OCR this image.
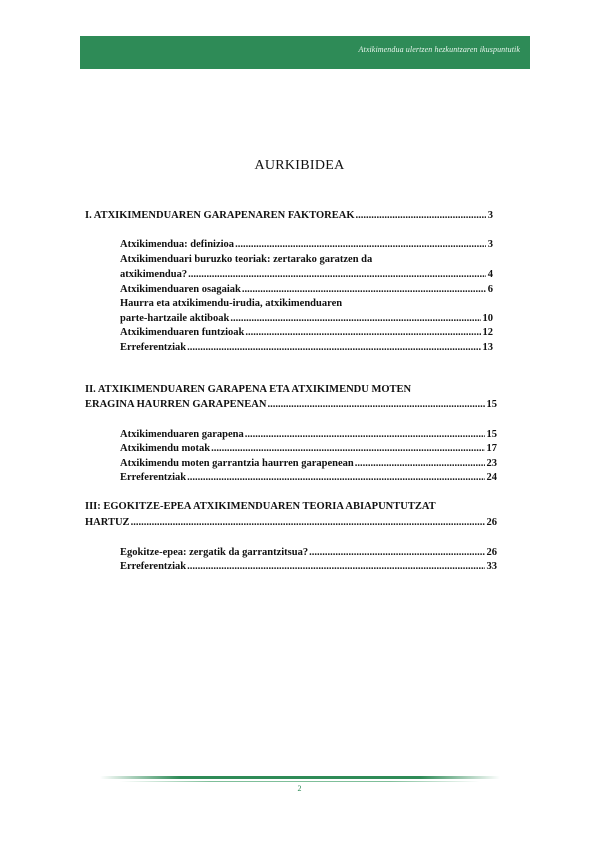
Atxikimendua ulertzen hezkuntzaren ikuspuntutik
AURKIBIDEA
I. ATXIKIMENDUAREN GARAPENAREN FAKTOREAK .....	3
Atxikimendua: definizioa .....	3
Atxikimenduari buruzko teoriak: zertarako garatzen da
atxikimendua? .....	4
Atxikimenduaren osagaiak .....	6
Haurra eta atxikimendu-irudia, atxikimenduaren
parte-hartzaile aktiboak .....	10
Atxikimenduaren funtzioak .....	12
Erreferentziak .....	13
II. ATXIKIMENDUAREN GARAPENA ETA ATXIKIMENDU MOTEN
ERAGINA HAURREN GARAPENEAN .....	15
Atxikimenduaren garapena .....	15
Atxikimendu motak .....	17
Atxikimendu moten garrantzia haurren garapenean .....	23
Erreferentziak .....	24
III: EGOKITZE-EPEA ATXIKIMENDUAREN TEORIA ABIAPUNTUTZAT
HARTUZ .....	26
Egokitze-epea: zergatik da garrantzitsua? .....	26
Erreferentziak .....	33
2
